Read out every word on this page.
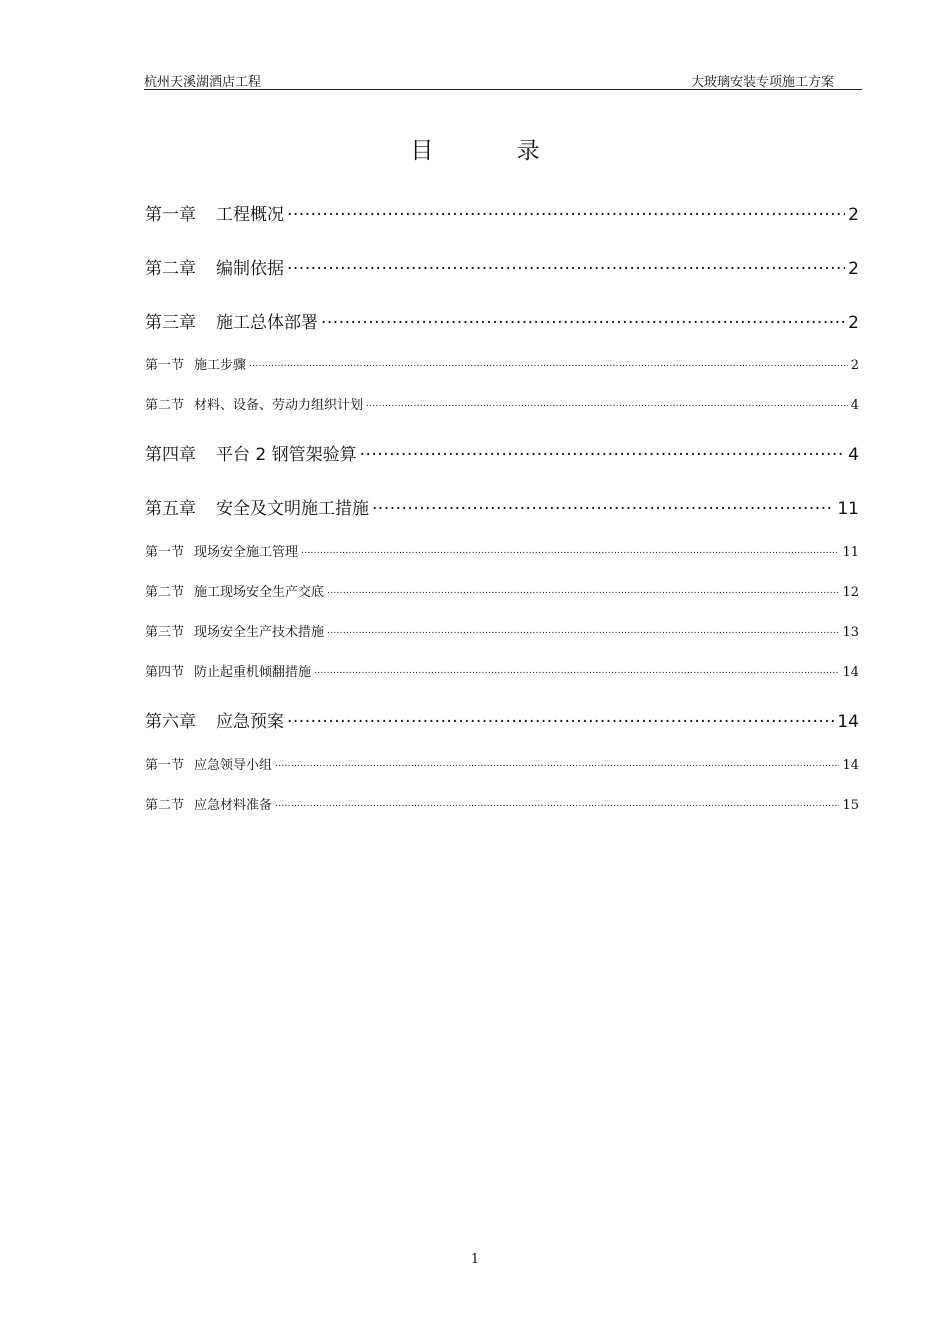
杭州天溪湖酒店工程	大玻璃安装专项施工方案
目 录
第一章 工程概况 .....	2
第二章 编制依据 .....	2
第三章 施工总体部署 .....	2
第一节 施工步骤 .....	2
第二节 材料、设备、劳动力组织计划 .....	4
第四章 平台 2 钢管架验算 .....	4
第五章 安全及文明施工措施 .....	11
第一节 现场安全施工管理 .....	11
第二节 施工现场安全生产交底 .....	12
第三节 现场安全生产技术措施 .....	13
第四节 防止起重机倾翻措施 .....	14
第六章 应急预案 .....	14
第一节 应急领导小组 .....	14
第二节 应急材料准备 .....	15
1
